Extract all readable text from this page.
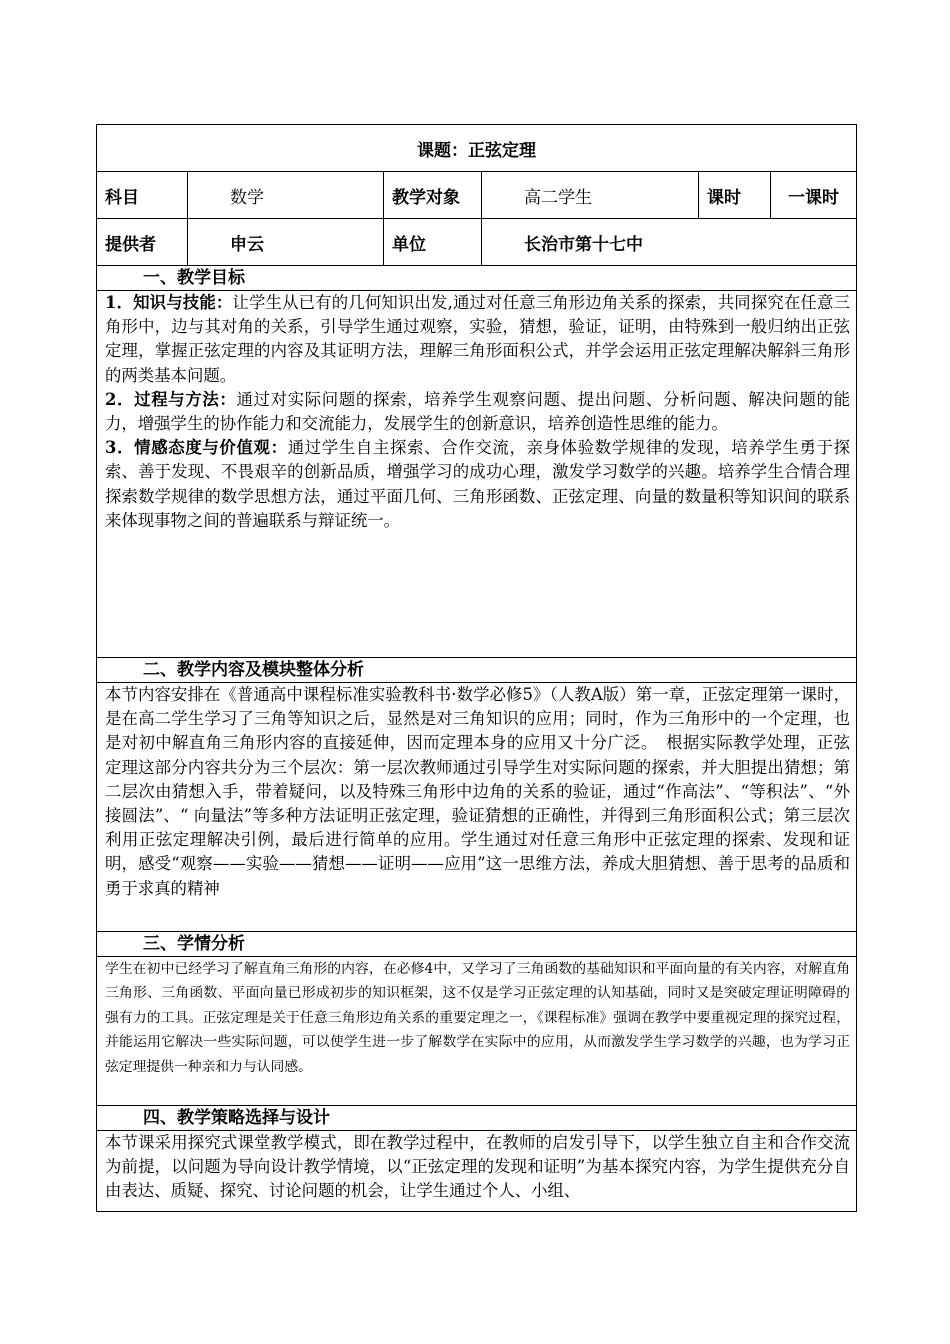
课题：正弦定理					
科目	数学	教学对象	高二学生	课时	一课时
提供者	申云	单位	长治市第十七中		
一、教学目标					

1．知识与技能：让学生从已有的几何知识出发,通过对任意三角形边角关系的探索，共同探究在任意三角形中，边与其对角的关系，引导学生通过观察，实验，猜想，验证，证明，由特殊到一般归纳出正弦定理，掌握正弦定理的内容及其证明方法，理解三角形面积公式，并学会运用正弦定理解决解斜三角形的两类基本问题。

2．过程与方法：通过对实际问题的探索，培养学生观察问题、提出问题、分析问题、解决问题的能力，增强学生的协作能力和交流能力，发展学生的创新意识，培养创造性思维的能力。

3．情感态度与价值观：通过学生自主探索、合作交流，亲身体验数学规律的发现，培养学生勇于探索、善于发现、不畏艰辛的创新品质，增强学习的成功心理，激发学习数学的兴趣。培养学生合情合理探索数学规律的数学思想方法，通过平面几何、三角形函数、正弦定理、向量的数量积等知识间的联系来体现事物之间的普遍联系与辩证统一。					

二、教学内容及模块整体分析					

本节内容安排在《普通高中课程标准实验教科书·数学必修5》（人教A版）第一章，正弦定理第一课时，是在高二学生学习了三角等知识之后，显然是对三角知识的应用；同时，作为三角形中的一个定理，也是对初中解直角三角形内容的直接延伸，因而定理本身的应用又十分广泛。　根据实际教学处理，正弦定理这部分内容共分为三个层次：第一层次教师通过引导学生对实际问题的探索，并大胆提出猜想；第二层次由猜想入手，带着疑问，以及特殊三角形中边角的关系的验证，通过“作高法”、“等积法”、“外接圆法”、“ 向量法”等多种方法证明正弦定理，验证猜想的正确性，并得到三角形面积公式；第三层次利用正弦定理解决引例，最后进行简单的应用。学生通过对任意三角形中正弦定理的探索、发现和证明，感受“观察——实验——猜想——证明——应用”这一思维方法，养成大胆猜想、善于思考的品质和勇于求真的精神					

三、学情分析					

学生在初中已经学习了解直角三角形的内容，在必修4中，又学习了三角函数的基础知识和平面向量的有关内容，对解直角三角形、三角函数、平面向量已形成初步的知识框架，这不仅是学习正弦定理的认知基础，同时又是突破定理证明障碍的强有力的工具。正弦定理是关于任意三角形边角关系的重要定理之一，《课程标准》强调在教学中要重视定理的探究过程，并能运用它解决一些实际问题，可以使学生进一步了解数学在实际中的应用，从而激发学生学习数学的兴趣，也为学习正弦定理提供一种亲和力与认同感。					

四、教学策略选择与设计					

本节课采用探究式课堂教学模式，即在教学过程中，在教师的启发引导下，以学生独立自主和合作交流为前提，以问题为导向设计教学情境，以“正弦定理的发现和证明”为基本探究内容，为学生提供充分自由表达、质疑、探究、讨论问题的机会，让学生通过个人、小组、					
